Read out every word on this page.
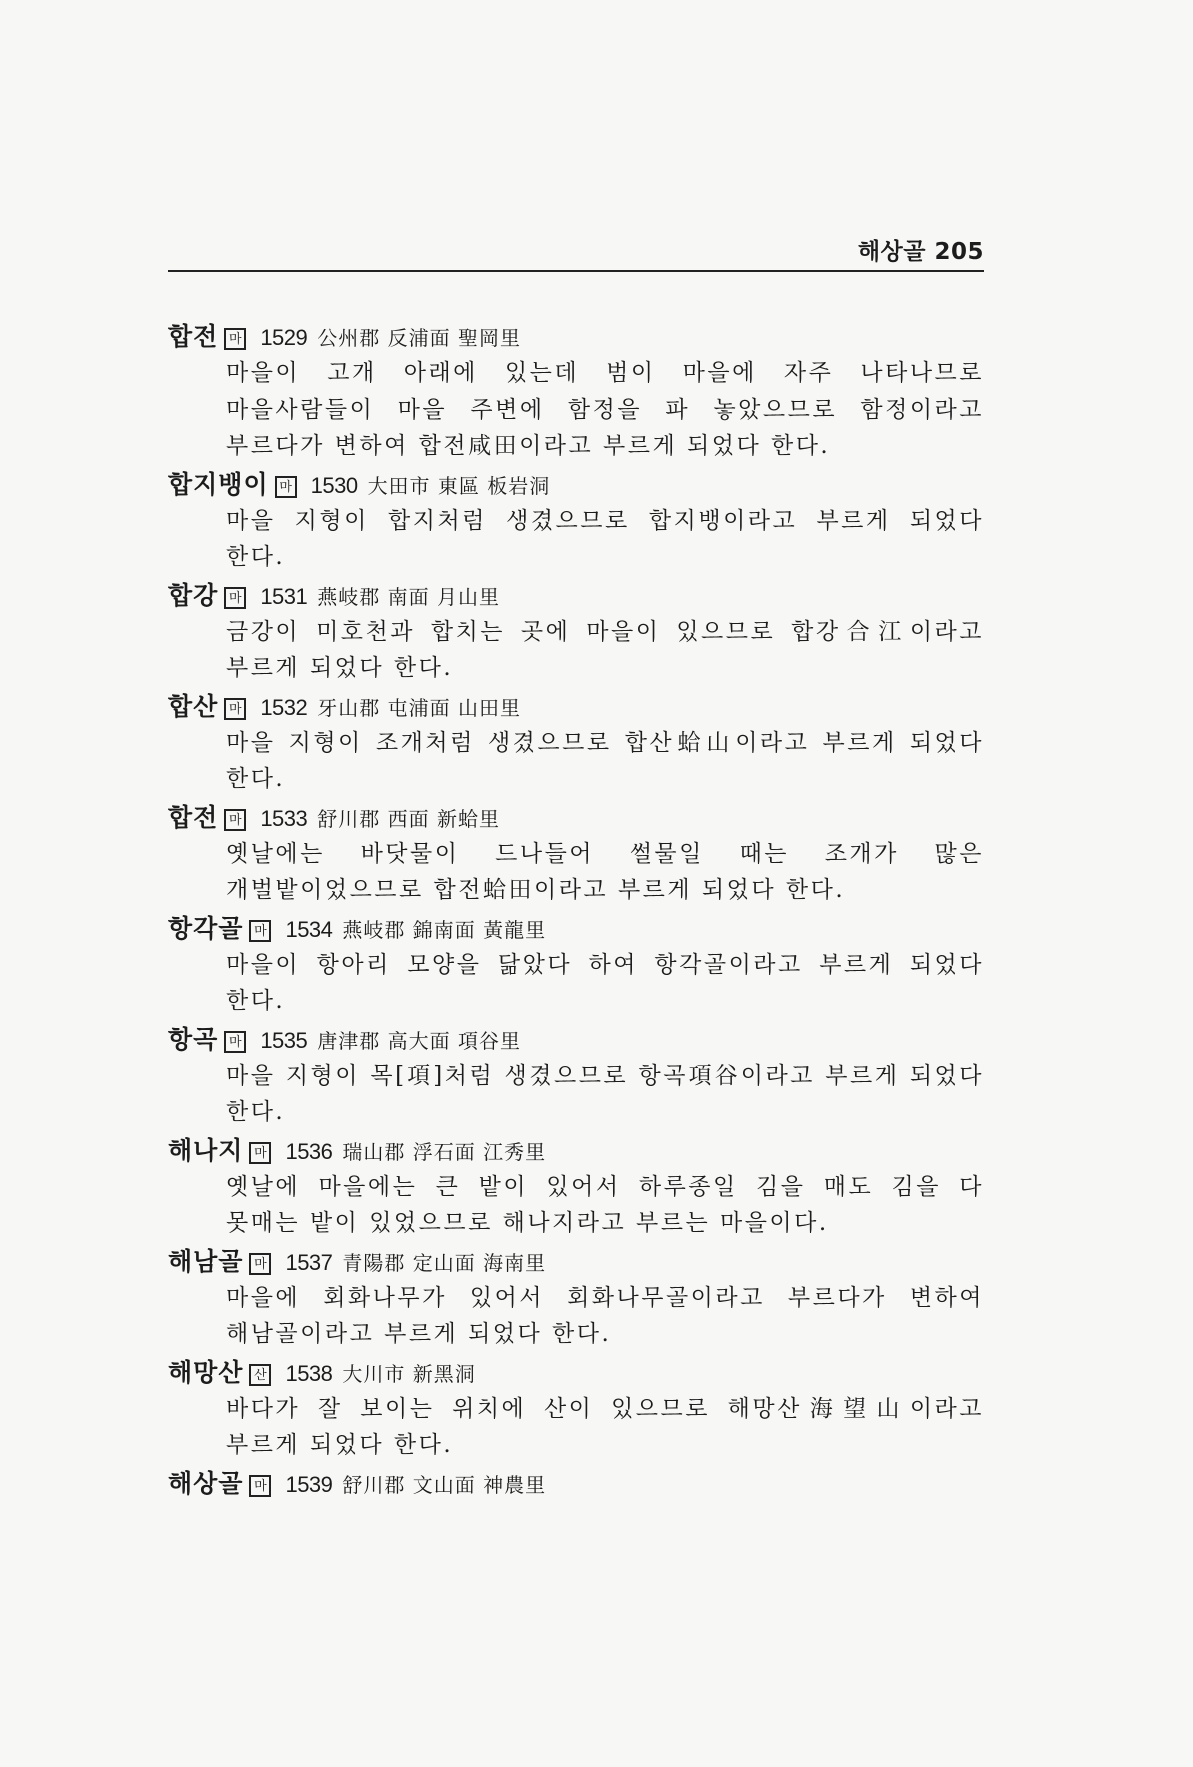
해상골 205
합전 마 1529 公州郡 反浦面 聖岡里
마을이 고개 아래에 있는데 범이 마을에 자주 나타나므로 마을사람들이 마을 주변에 함정을 파 놓았으므로 함정이라고 부르다가 변하여 합전咸田이라고 부르게 되었다 한다.
합지뱅이 마 1530 大田市 東區 板岩洞
마을 지형이 합지처럼 생겼으므로 합지뱅이라고 부르게 되었다 한다.
합강 마 1531 燕岐郡 南面 月山里
금강이 미호천과 합치는 곳에 마을이 있으므로 합강合江이라고 부르게 되었다 한다.
합산 마 1532 牙山郡 屯浦面 山田里
마을 지형이 조개처럼 생겼으므로 합산蛤山이라고 부르게 되었다 한다.
합전 마 1533 舒川郡 西面 新蛤里
옛날에는 바닷물이 드나들어 썰물일 때는 조개가 많은 개벌밭이었으므로 합전蛤田이라고 부르게 되었다 한다.
항각골 마 1534 燕岐郡 錦南面 黃龍里
마을이 항아리 모양을 닮았다 하여 항각골이라고 부르게 되었다 한다.
항곡 마 1535 唐津郡 高大面 項谷里
마을 지형이 목[項]처럼 생겼으므로 항곡項谷이라고 부르게 되었다 한다.
해나지 마 1536 瑞山郡 浮石面 江秀里
옛날에 마을에는 큰 밭이 있어서 하루종일 김을 매도 김을 다 못매는 밭이 있었으므로 해나지라고 부르는 마을이다.
해남골 마 1537 青陽郡 定山面 海南里
마을에 회화나무가 있어서 회화나무골이라고 부르다가 변하여 해남골이라고 부르게 되었다 한다.
해망산 산 1538 大川市 新黑洞
바다가 잘 보이는 위치에 산이 있으므로 해망산海望山이라고 부르게 되었다 한다.
해상골 마 1539 舒川郡 文山面 神農里
